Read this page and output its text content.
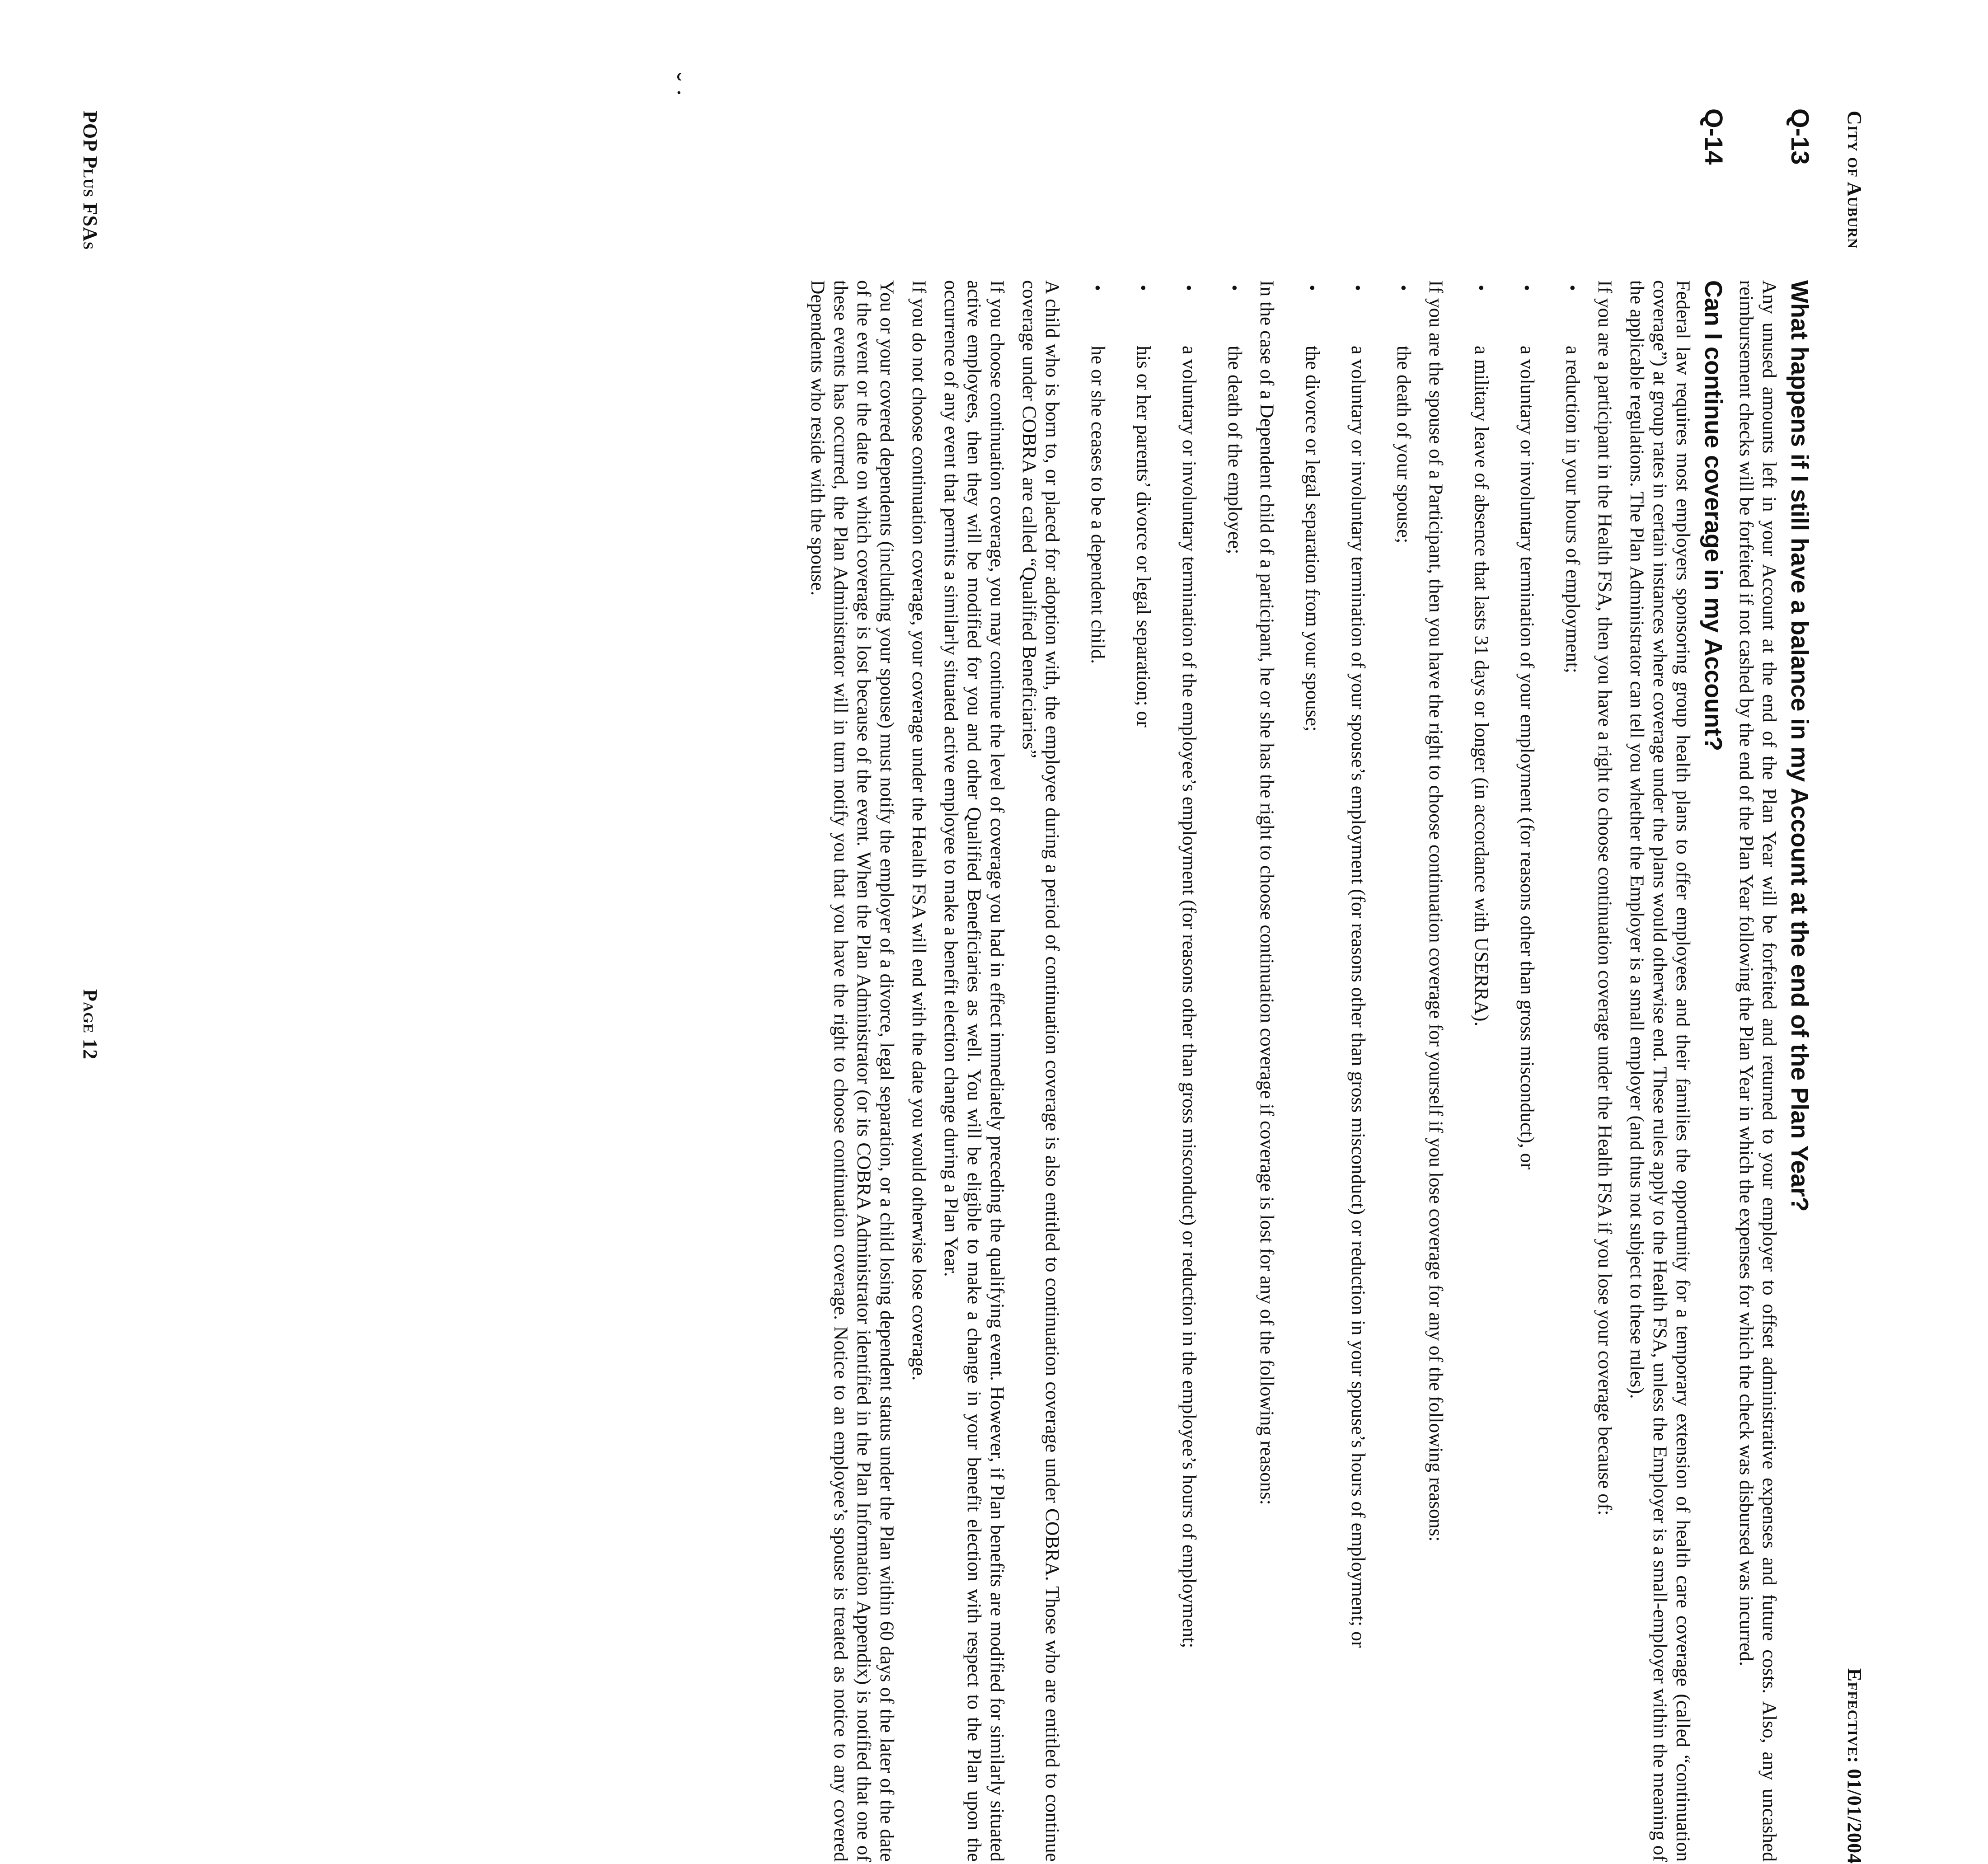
˘ ˙
City of Auburn
Effective: 01/01/2004
Q-13
What happens if I still have a balance in my Account at the end of the Plan Year?

Any unused amounts left in your Account at the end of the Plan Year will be forfeited and returned to your employer to offset administrative expenses and future costs. Also, any uncashed reimbursement checks will be forfeited if not cashed by the end of the Plan Year following the Plan Year in which the expenses for which the check was disbursed was incurred.

Q-14
Can I continue coverage in my Account?

Federal law requires most employers sponsoring group health plans to offer employees and their families the opportunity for a temporary extension of health care coverage (called “continuation coverage”) at group rates in certain instances where coverage under the plans would otherwise end. These rules apply to the Health FSA, unless the Employer is a small-employer within the meaning of the applicable regulations. The Plan Administrator can tell you whether the Employer is a small employer (and thus not subject to these rules).

If you are a participant in the Health FSA, then you have a right to choose continuation coverage under the Health FSA if you lose your coverage because of:

•
a reduction in your hours of employment;
•
a voluntary or involuntary termination of your employment (for reasons other than gross misconduct), or
•
a military leave of absence that lasts 31 days or longer (in accordance with USERRA).

If you are the spouse of a Participant, then you have the right to choose continuation coverage for yourself if you lose coverage for any of the following reasons:

•
the death of your spouse;
•
a voluntary or involuntary termination of your spouse’s employment (for reasons other than gross misconduct) or reduction in your spouse’s hours of employment; or
•
the divorce or legal separation from your spouse;

In the case of a Dependent child of a participant, he or she has the right to choose continuation coverage if coverage is lost for any of the following reasons:

•
the death of the employee;
•
a voluntary or involuntary termination of the employee’s employment (for reasons other than gross misconduct) or reduction in the employee’s hours of employment;
•
his or her parents’ divorce or legal separation; or
•
he or she ceases to be a dependent child.

A child who is born to, or placed for adoption with, the employee during a period of continuation coverage is also entitled to continuation coverage under COBRA. Those who are entitled to continue coverage under COBRA are called “Qualified Beneficiaries”

If you choose continuation coverage, you may continue the level of coverage you had in effect immediately preceding the qualifying event. However, if Plan benefits are modified for similarly situated active employees, then they will be modified for you and other Qualified Beneficiaries as well. You will be eligible to make a change in your benefit election with respect to the Plan upon the occurrence of any event that permits a similarly situated active employee to make a benefit election change during a Plan Year.

If you do not choose continuation coverage, your coverage under the Health FSA will end with the date you would otherwise lose coverage.

You or your covered dependents (including your spouse) must notify the employer of a divorce, legal separation, or a child losing dependent status under the Plan within 60 days of the later of the date of the event or the date on which coverage is lost because of the event. When the Plan Administrator (or its COBRA Administrator identified in the Plan Information Appendix) is notified that one of these events has occurred, the Plan Administrator will in turn notify you that you have the right to choose continuation coverage. Notice to an employee’s spouse is treated as notice to any covered Dependents who reside with the spouse.

POP Plus FSAs
Page 12
